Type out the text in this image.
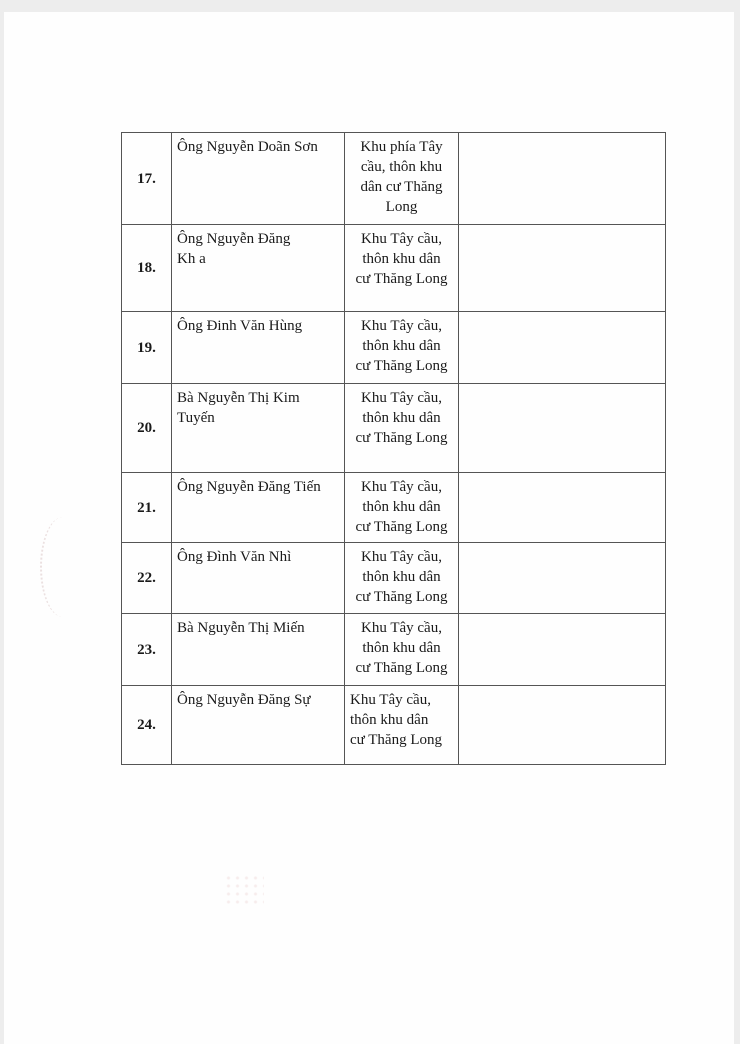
17.	Ông Nguyễn Doãn Sơn	Khu phía Tây
cầu, thôn khu
dân cư Thăng
Long	

18.	Ông Nguyễn Đăng
Kh a	Khu Tây cầu,
thôn khu dân
cư Thăng Long	

19.	Ông Đinh Văn Hùng	Khu Tây cầu,
thôn khu dân
cư Thăng Long	

20.	Bà Nguyễn Thị Kim
Tuyến	Khu Tây cầu,
thôn khu dân
cư Thăng Long	

21.	Ông Nguyễn Đăng Tiến	Khu Tây cầu,
thôn khu dân
cư Thăng Long	

22.	Ông Đình Văn Nhì	Khu Tây cầu,
thôn khu dân
cư Thăng Long	

23.	Bà Nguyễn Thị Miến	Khu Tây cầu,
thôn khu dân
cư Thăng Long	

24.	Ông Nguyễn Đăng Sự	Khu Tây cầu,
thôn khu dân
cư Thăng Long	
